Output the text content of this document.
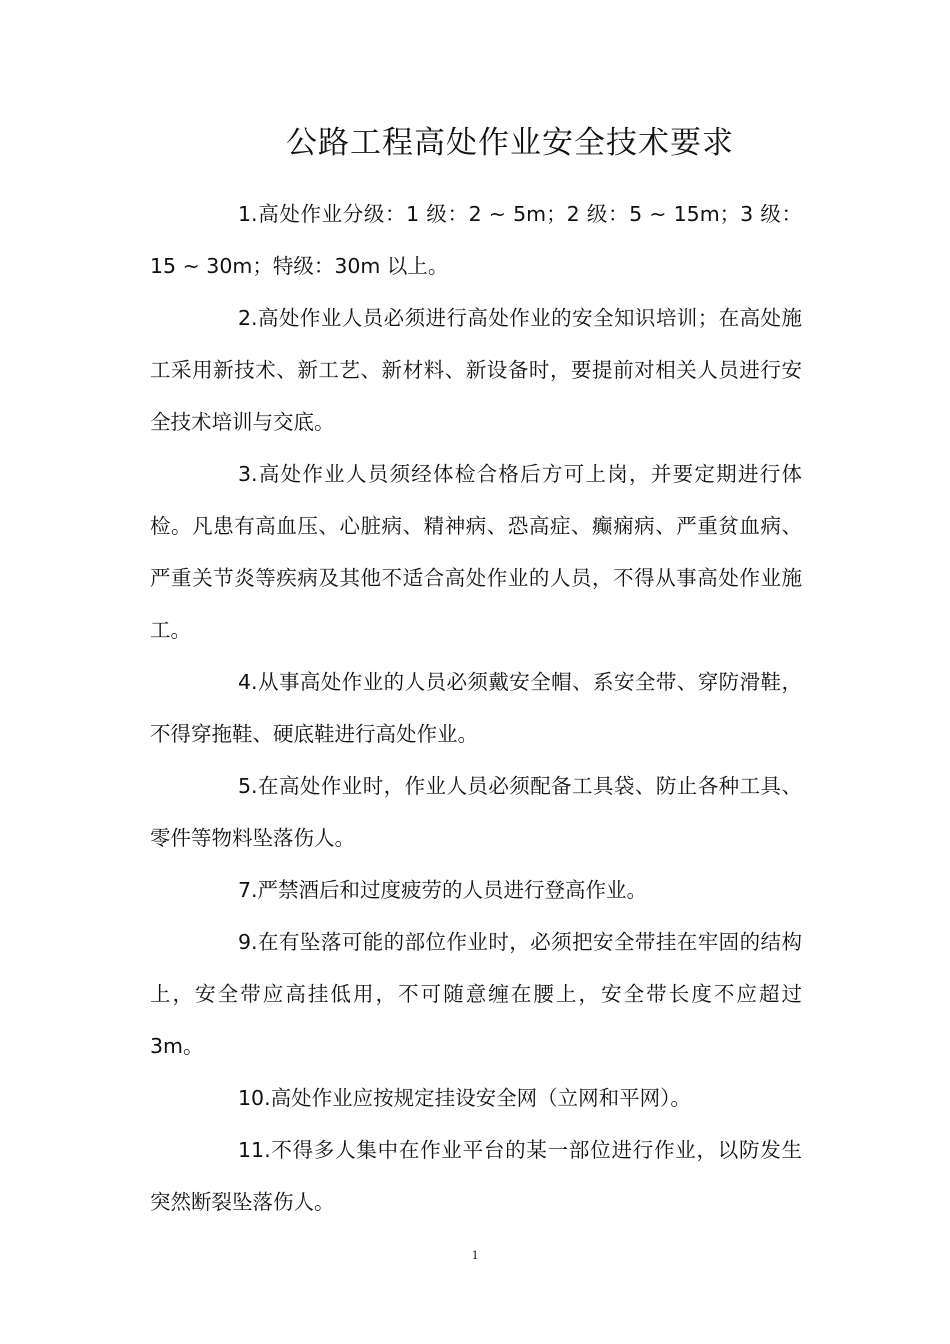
公路工程高处作业安全技术要求

1.高处作业分级：1 级：2 ~ 5m；2 级：5 ~ 15m；3 级：15 ~ 30m；特级：30m 以上。

2.高处作业人员必须进行高处作业的安全知识培训；在高处施工采用新技术、新工艺、新材料、新设备时，要提前对相关人员进行安全技术培训与交底。

3.高处作业人员须经体检合格后方可上岗，并要定期进行体检。凡患有高血压、心脏病、精神病、恐高症、癫痫病、严重贫血病、严重关节炎等疾病及其他不适合高处作业的人员，不得从事高处作业施工。

4.从事高处作业的人员必须戴安全帽、系安全带、穿防滑鞋，不得穿拖鞋、硬底鞋进行高处作业。

5.在高处作业时，作业人员必须配备工具袋、防止各种工具、零件等物料坠落伤人。

7.严禁酒后和过度疲劳的人员进行登高作业。

9.在有坠落可能的部位作业时，必须把安全带挂在牢固的结构上，安全带应高挂低用，不可随意缠在腰上，安全带长度不应超过 3m。

10.高处作业应按规定挂设安全网（立网和平网）。

11.不得多人集中在作业平台的某一部位进行作业，以防发生突然断裂坠落伤人。

1
